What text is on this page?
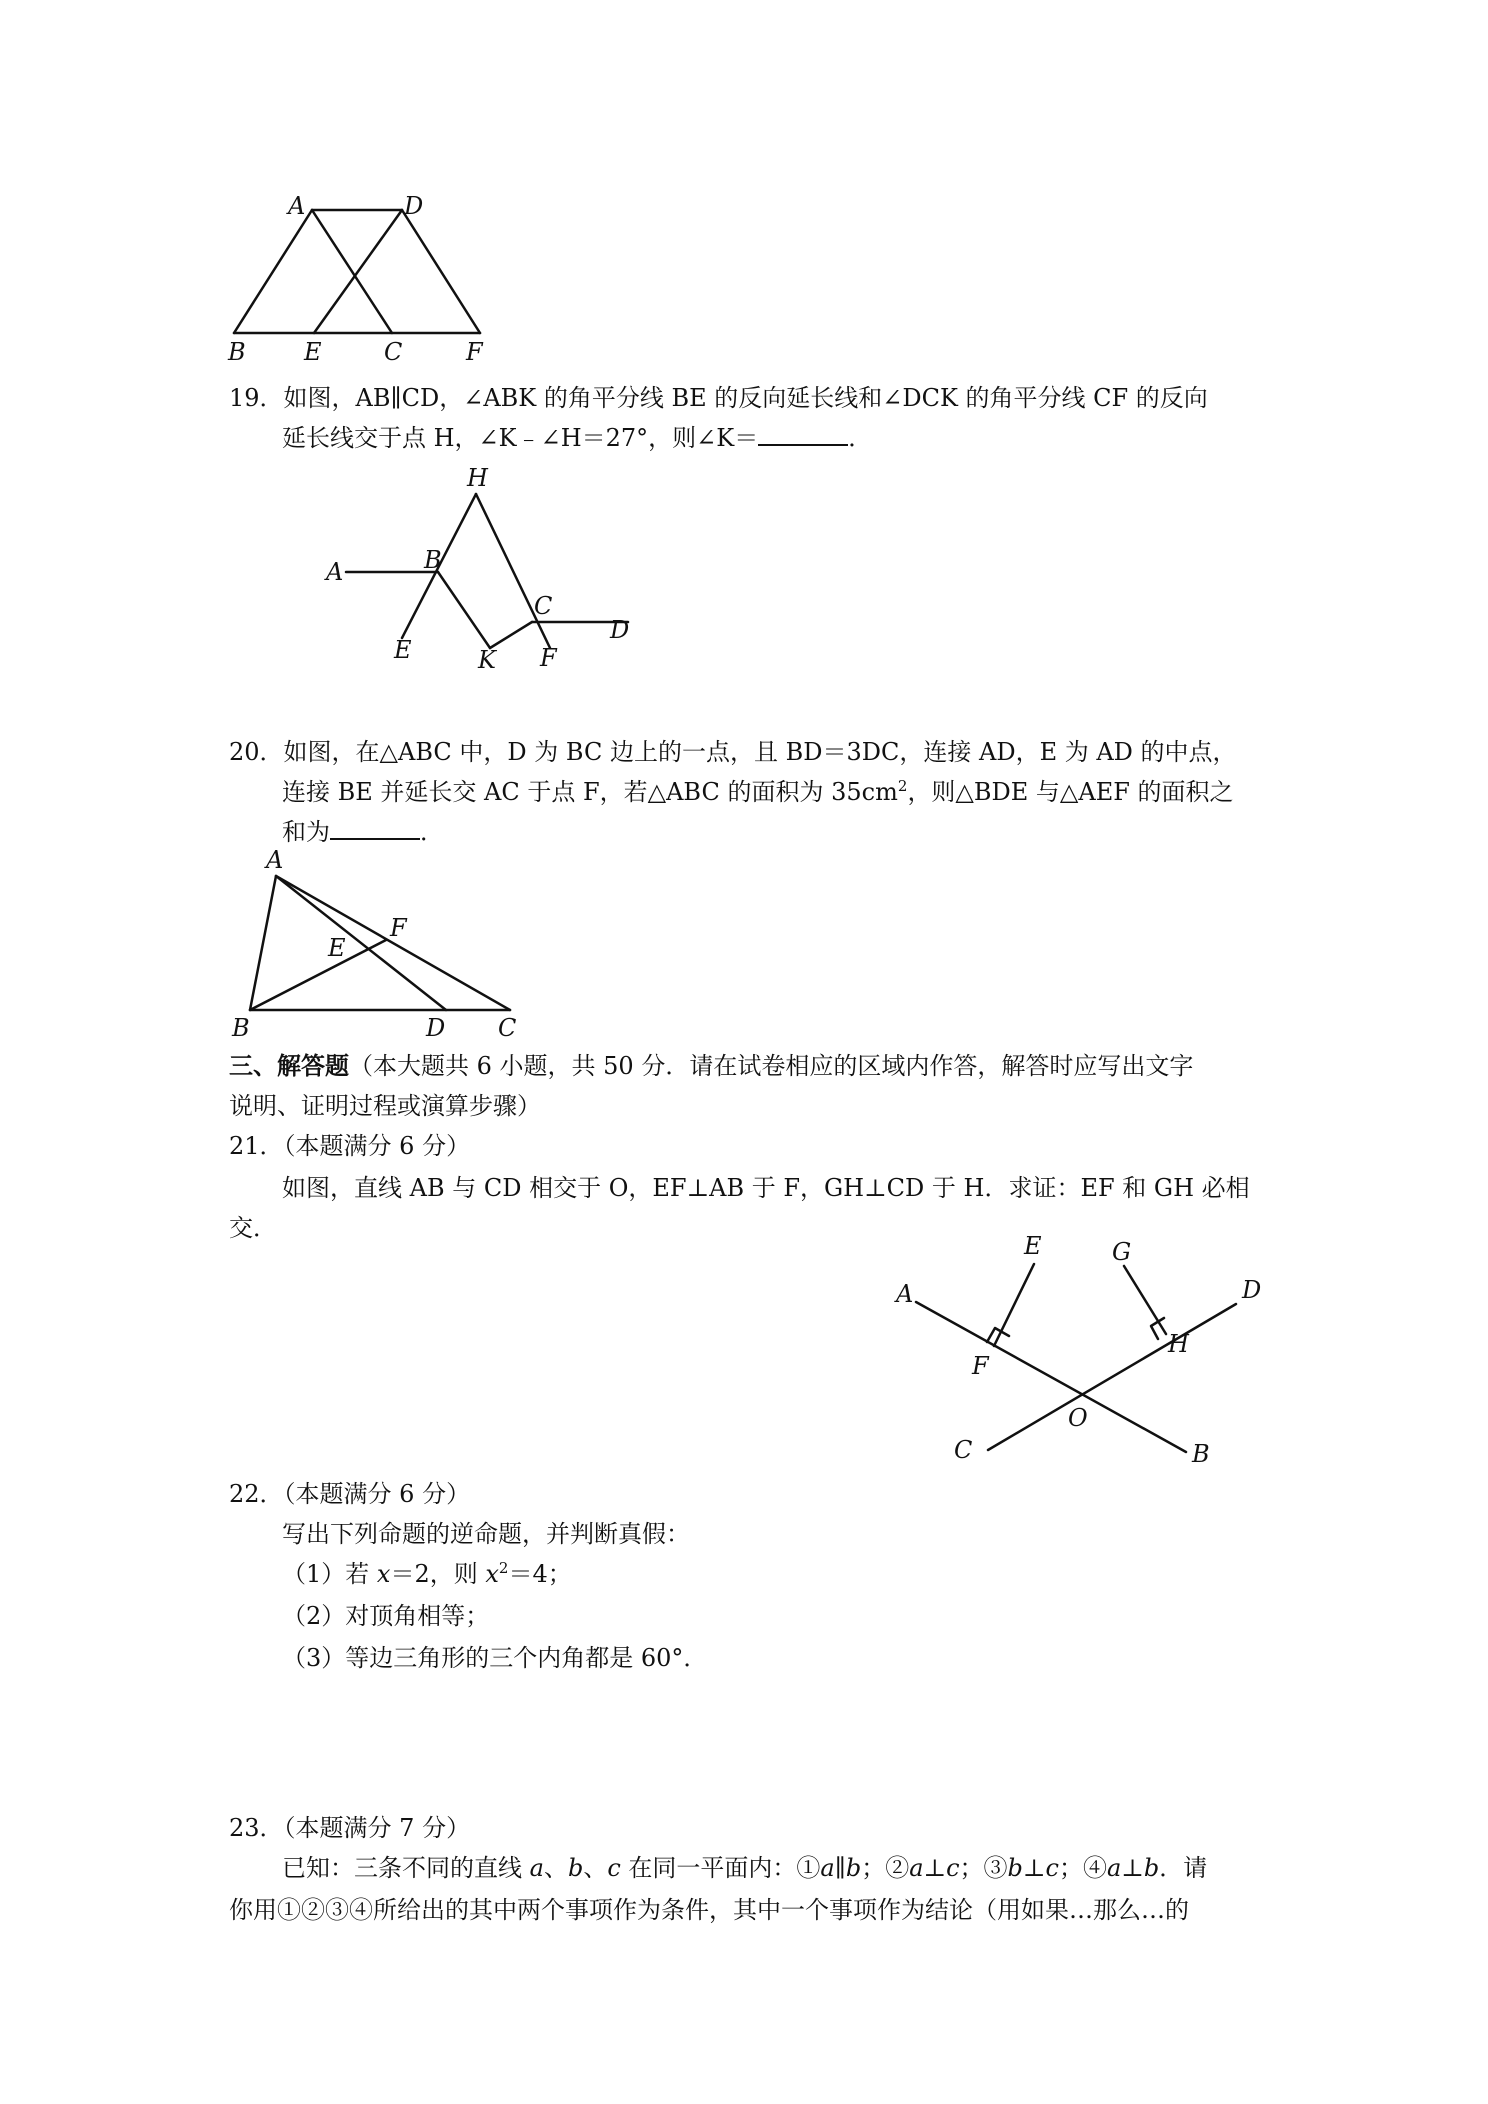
A	D
B E	C	F
19．如图，AB∥CD，∠ABK 的角平分线 BE 的反向延长线和∠DCK 的角平分线 CF 的反向
延长线交于点 H，∠K﹣∠H＝27°，则∠K＝	．
H
A	B
C
D
E	K F
20．如图，在△ABC 中，D 为 BC 边上的一点，且 BD＝3DC，连接 AD，E 为 AD 的中点，
连接 BE 并延长交 AC 于点 F，若△ABC 的面积为 $35cm^2$，则△BDE 与△AEF 的面积之
和为	．
A
F
E
B	D C
三、解答题（本大题共 6 小题，共 50 分．请在试卷相应的区域内作答，解答时应写出文字
说明、证明过程或演算步骤）
21．（本题满分 6 分）
如图，直线 AB 与 CD 相交于 O，EF⊥AB 于 F，GH⊥CD 于 H．求证：EF 和 GH 必相
交．
E	G
A	D
F
H
O
C	B
22．（本题满分 6 分）
写出下列命题的逆命题，并判断真假：
（1）若 x＝2，则 $x^2=4$；
（2）对顶角相等；
（3）等边三角形的三个内角都是 60°．
23．（本题满分 7 分）
已知：三条不同的直线 a、b、c 在同一平面内：①a∥b；②a⊥c；③b⊥c；④a⊥b．请
你用①②③④所给出的其中两个事项作为条件，其中一个事项作为结论（用如果…那么…的
